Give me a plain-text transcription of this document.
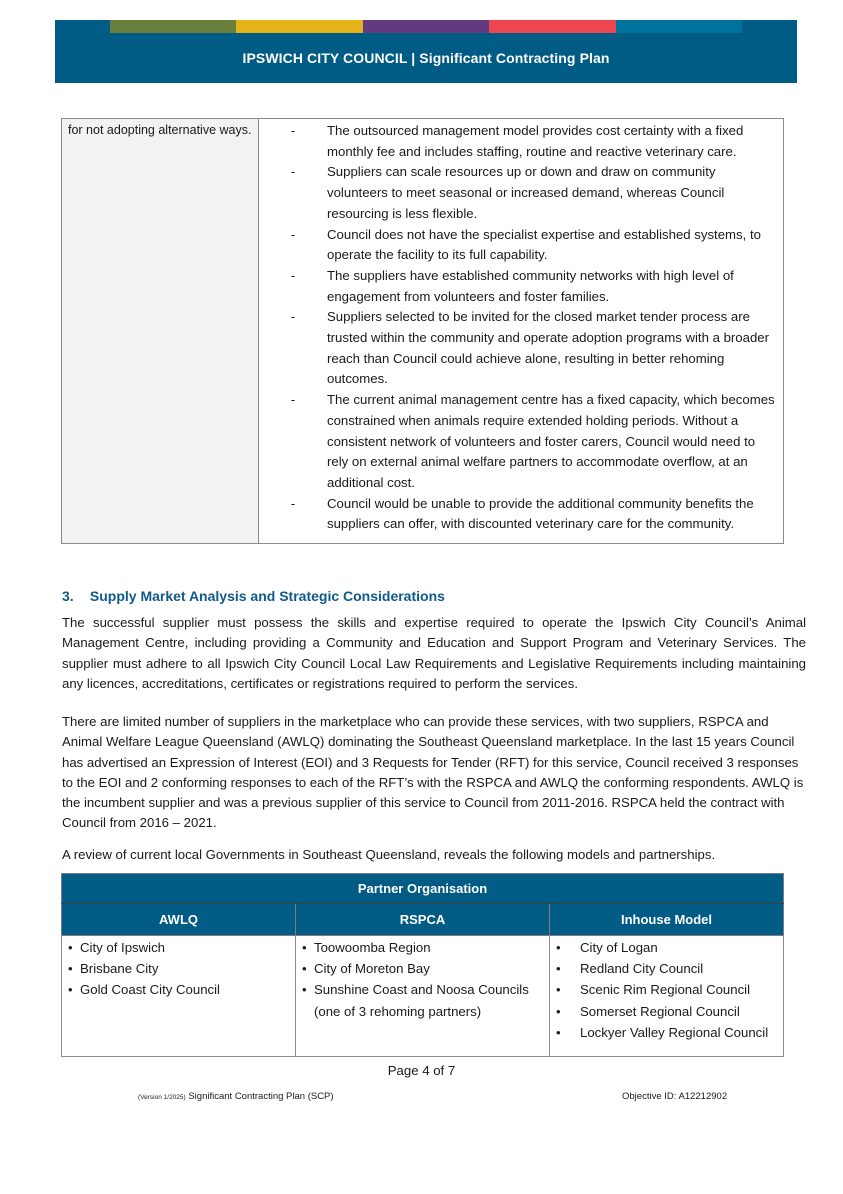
IPSWICH CITY COUNCIL | Significant Contracting Plan
for not adopting alternative ways.	-	The outsourced management model provides cost certainty with a fixed monthly fee and includes staffing, routine and reactive veterinary care.
-	Suppliers can scale resources up or down and draw on community volunteers to meet seasonal or increased demand, whereas Council resourcing is less flexible.
-	Council does not have the specialist expertise and established systems, to operate the facility to its full capability.
-	The suppliers have established community networks with high level of engagement from volunteers and foster families.
-	Suppliers selected to be invited for the closed market tender process are trusted within the community and operate adoption programs with a broader reach than Council could achieve alone, resulting in better rehoming outcomes.
-	The current animal management centre has a fixed capacity, which becomes constrained when animals require extended holding periods. Without a consistent network of volunteers and foster carers, Council would need to rely on external animal welfare partners to accommodate overflow, at an additional cost.
-	Council would be unable to provide the additional community benefits the suppliers can offer, with discounted veterinary care for the community.
3. Supply Market Analysis and Strategic Considerations
The successful supplier must possess the skills and expertise required to operate the Ipswich City Council’s Animal Management Centre, including providing a Community and Education and Support Program and Veterinary Services. The supplier must adhere to all Ipswich City Council Local Law Requirements and Legislative Requirements including maintaining any licences, accreditations, certificates or registrations required to perform the services.
There are limited number of suppliers in the marketplace who can provide these services, with two suppliers, RSPCA and Animal Welfare League Queensland (AWLQ) dominating the Southeast Queensland marketplace. In the last 15 years Council has advertised an Expression of Interest (EOI) and 3 Requests for Tender (RFT) for this service, Council received 3 responses to the EOI and 2 conforming responses to each of the RFT’s with the RSPCA and AWLQ the conforming respondents. AWLQ is the incumbent supplier and was a previous supplier of this service to Council from 2011-2016. RSPCA held the contract with Council from 2016 – 2021.
A review of current local Governments in Southeast Queensland, reveals the following models and partnerships.
Partner Organisation		
AWLQ	RSPCA	Inhouse Model

• City of Ipswich
• Brisbane City
• Gold Coast City Council

• Toowoomba Region
• City of Moreton Bay
• Sunshine Coast and Noosa Councils (one of 3 rehoming partners)

•	City of Logan
•	Redland City Council
•	Scenic Rim Regional Council
•	Somerset Regional Council
•	Lockyer Valley Regional Council
Page 4 of 7
(Version 1/2025) Significant Contracting Plan (SCP)	Objective ID: A12212902
